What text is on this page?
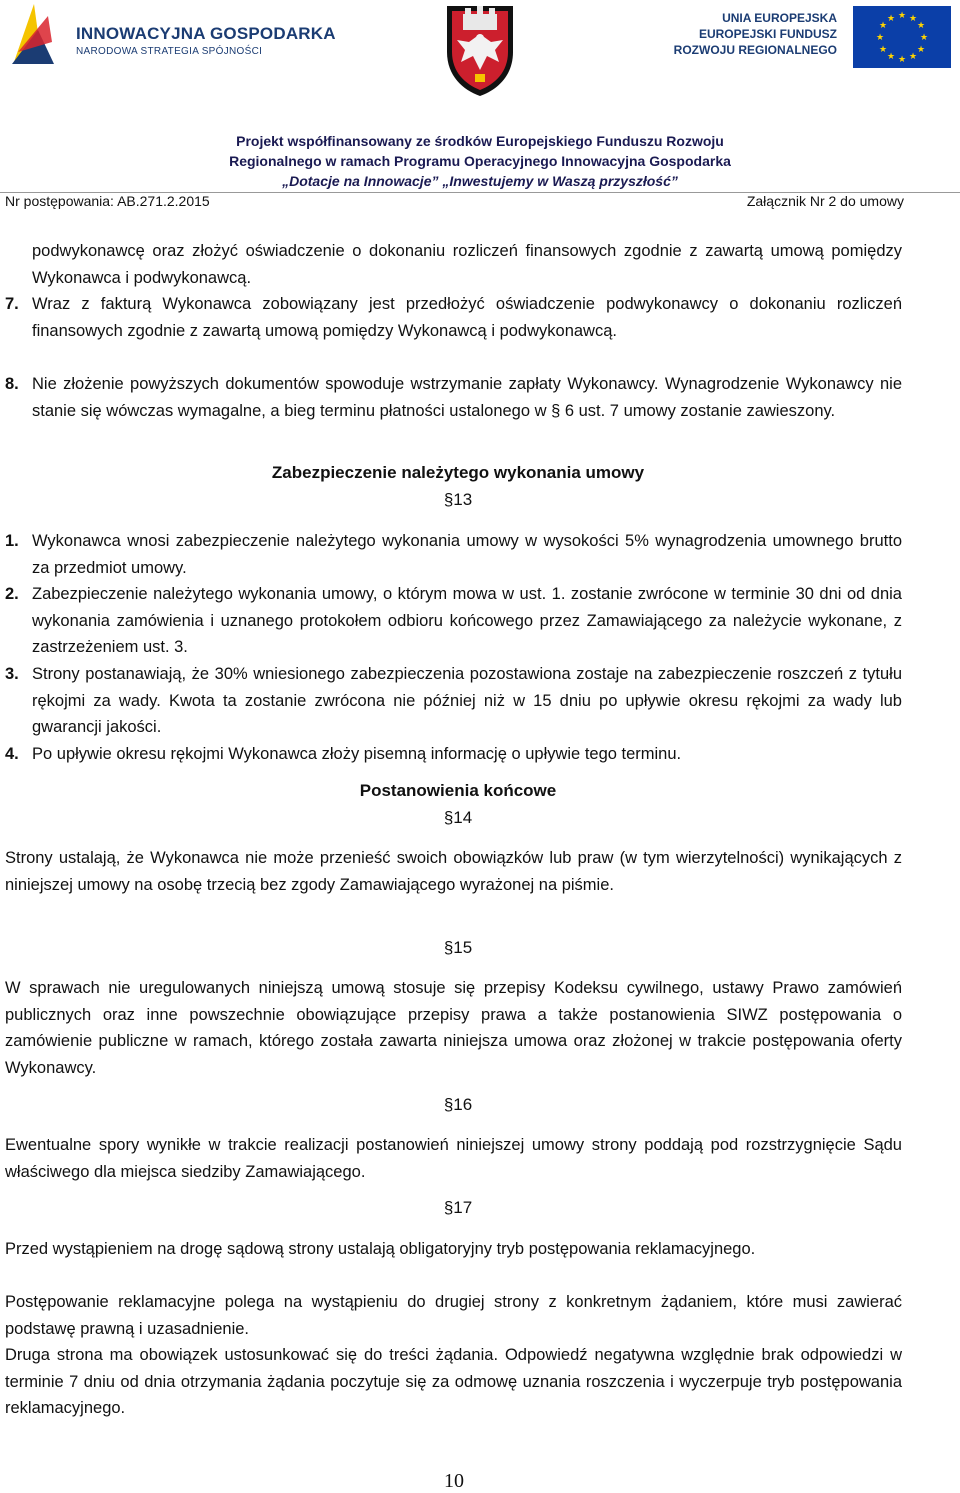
INNOWACYJNA GOSPODARKA
NARODOWA STRATEGIA SPÓJNOŚCI
UNIA EUROPEJSKA
EUROPEJSKI FUNDUSZ
ROZWOJU REGIONALNEGO
★ ★
★
★
★
★
★
★
★
★
★
★
Projekt współfinansowany ze środków Europejskiego Funduszu Rozwoju
Regionalnego w ramach Programu Operacyjnego Innowacyjna Gospodarka
„Dotacje na Innowacje” „Inwestujemy w Waszą przyszłość”
Nr postępowania: AB.271.2.2015	Załącznik Nr 2 do umowy

podwykonawcę oraz złożyć oświadczenie o dokonaniu rozliczeń finansowych zgodnie z zawartą umową pomiędzy Wykonawca i podwykonawcą.

7. Wraz z fakturą Wykonawca zobowiązany jest przedłożyć oświadczenie podwykonawcy o dokonaniu rozliczeń finansowych zgodnie z zawartą umową pomiędzy Wykonawcą i podwykonawcą.

8. Nie złożenie powyższych dokumentów spowoduje wstrzymanie zapłaty Wykonawcy. Wynagrodzenie Wykonawcy nie stanie się wówczas wymagalne, a bieg terminu płatności ustalonego w § 6 ust. 7 umowy zostanie zawieszony.

Zabezpieczenie należytego wykonania umowy
§13
1. Wykonawca wnosi zabezpieczenie należytego wykonania umowy w wysokości 5% wynagrodzenia umownego brutto za przedmiot umowy.

2. Zabezpieczenie należytego wykonania umowy, o którym mowa w ust. 1. zostanie zwrócone w terminie 30 dni od dnia wykonania zamówienia i uznanego protokołem odbioru końcowego przez Zamawiającego za należycie wykonane, z zastrzeżeniem ust. 3.

3. Strony postanawiają, że 30% wniesionego zabezpieczenia pozostawiona zostaje na zabezpieczenie roszczeń z tytułu rękojmi za wady. Kwota ta zostanie zwrócona nie później niż w 15 dniu po upływie okresu rękojmi za wady lub gwarancji jakości.

4. Po upływie okresu rękojmi Wykonawca złoży pisemną informację o upływie tego terminu.

Postanowienia końcowe
§14

Strony ustalają, że Wykonawca nie może przenieść swoich obowiązków lub praw (w tym wierzytelności) wynikających z niniejszej umowy na osobę trzecią bez zgody Zamawiającego wyrażonej na piśmie.

§15

W sprawach nie uregulowanych niniejszą umową stosuje się przepisy Kodeksu cywilnego, ustawy Prawo zamówień publicznych oraz inne powszechnie obowiązujące przepisy prawa a także postanowienia SIWZ postępowania o zamówienie publiczne w ramach, którego została zawarta niniejsza umowa oraz złożonej w trakcie postępowania oferty Wykonawcy.

§16

Ewentualne spory wynikłe w trakcie realizacji postanowień niniejszej umowy strony poddają pod rozstrzygnięcie Sądu właściwego dla miejsca siedziby Zamawiającego.

§17

Przed wystąpieniem na drogę sądową strony ustalają obligatoryjny tryb postępowania reklamacyjnego.

Postępowanie reklamacyjne polega na wystąpieniu do drugiej strony z konkretnym żądaniem, które musi zawierać podstawę prawną i uzasadnienie.

Druga strona ma obowiązek ustosunkować się do treści żądania. Odpowiedź negatywna względnie brak odpowiedzi w terminie 7 dniu od dnia otrzymania żądania poczytuje się za odmowę uznania roszczenia i wyczerpuje tryb postępowania reklamacyjnego.

10
